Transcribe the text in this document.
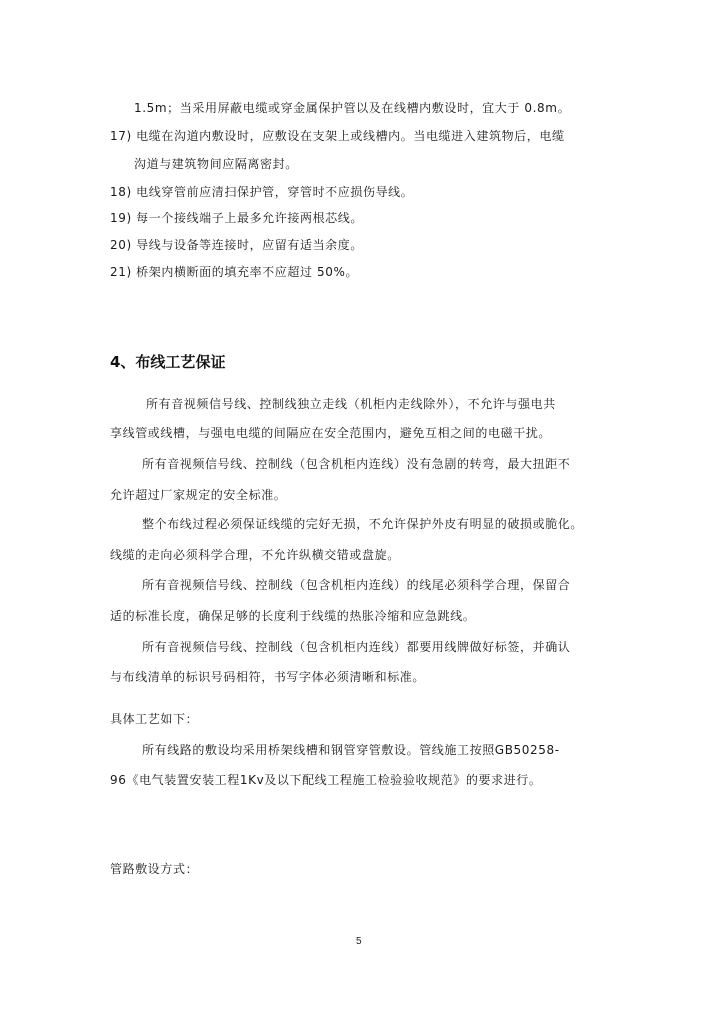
1.5m；当采用屏蔽电缆或穿金属保护管以及在线槽内敷设时，宜大于 0.8m。
17) 电缆在沟道内敷设时，应敷设在支架上或线槽内。当电缆进入建筑物后，电缆
沟道与建筑物间应隔离密封。
18) 电线穿管前应清扫保护管，穿管时不应损伤导线。
19) 每一个接线端子上最多允许接两根芯线。
20) 导线与设备等连接时，应留有适当余度。
21) 桥架内横断面的填充率不应超过 50%。
4、布线工艺保证
所有音视频信号线、控制线独立走线（机柜内走线除外），不允许与强电共
享线管或线槽，与强电电缆的间隔应在安全范围内，避免互相之间的电磁干扰。
所有音视频信号线、控制线（包含机柜内连线）没有急剧的转弯，最大扭距不
允许超过厂家规定的安全标准。
整个布线过程必须保证线缆的完好无损，不允许保护外皮有明显的破损或脆化。
线缆的走向必须科学合理，不允许纵横交错或盘旋。
所有音视频信号线、控制线（包含机柜内连线）的线尾必须科学合理，保留合
适的标准长度，确保足够的长度利于线缆的热胀冷缩和应急跳线。
所有音视频信号线、控制线（包含机柜内连线）都要用线牌做好标签，并确认
与布线清单的标识号码相符，书写字体必须清晰和标准。
具体工艺如下：
所有线路的敷设均采用桥架线槽和钢管穿管敷设。管线施工按照GB50258-
96《电气装置安装工程1Kv及以下配线工程施工检验验收规范》的要求进行。
管路敷设方式：
5
